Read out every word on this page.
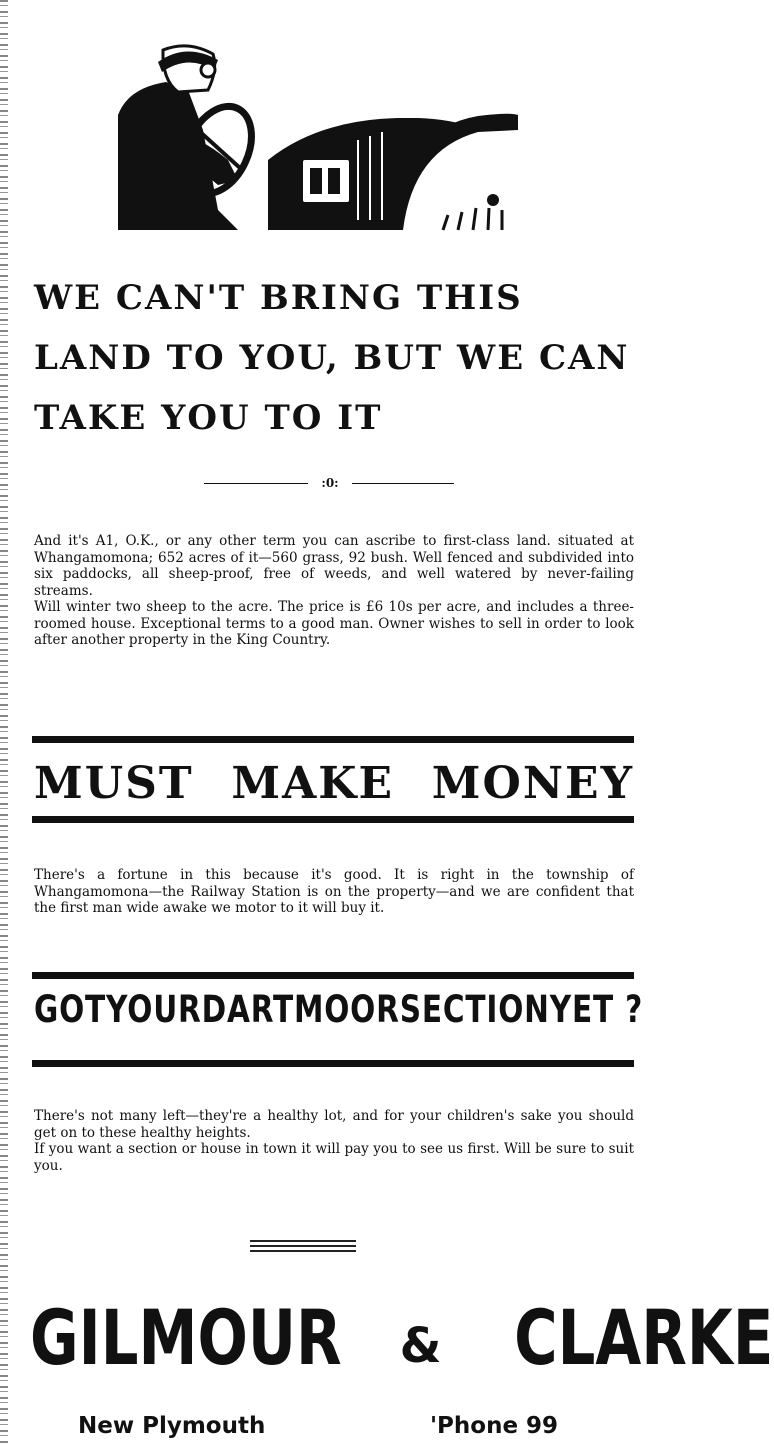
WE CAN'T BRING THIS
LAND TO YOU, BUT WE CAN
TAKE YOU TO IT
:0:

And it's A1, O.K., or any other term you can ascribe to first-class land. situated at Whangamomona; 652 acres of it—560 grass, 92 bush. Well fenced and subdivided into six paddocks, all sheep-proof, free of weeds, and well watered by never-failing streams.

Will winter two sheep to the acre. The price is £6 10s per acre, and includes a three-roomed house. Exceptional terms to a good man. Owner wishes to sell in order to look after another property in the King Country.

MUST MAKE MONEY

There's a fortune in this because it's good. It is right in the township of Whangamomona—the Railway Station is on the property—and we are confident that the first man wide awake we motor to it will buy it.

GOT YOUR DARTMOOR SECTION YET ?

There's not many left—they're a healthy lot, and for your children's sake you should get on to these healthy heights.

If you want a section or house in town it will pay you to see us first. Will be sure to suit you.

GILMOUR & CLARKE
New Plymouth	'Phone 99
